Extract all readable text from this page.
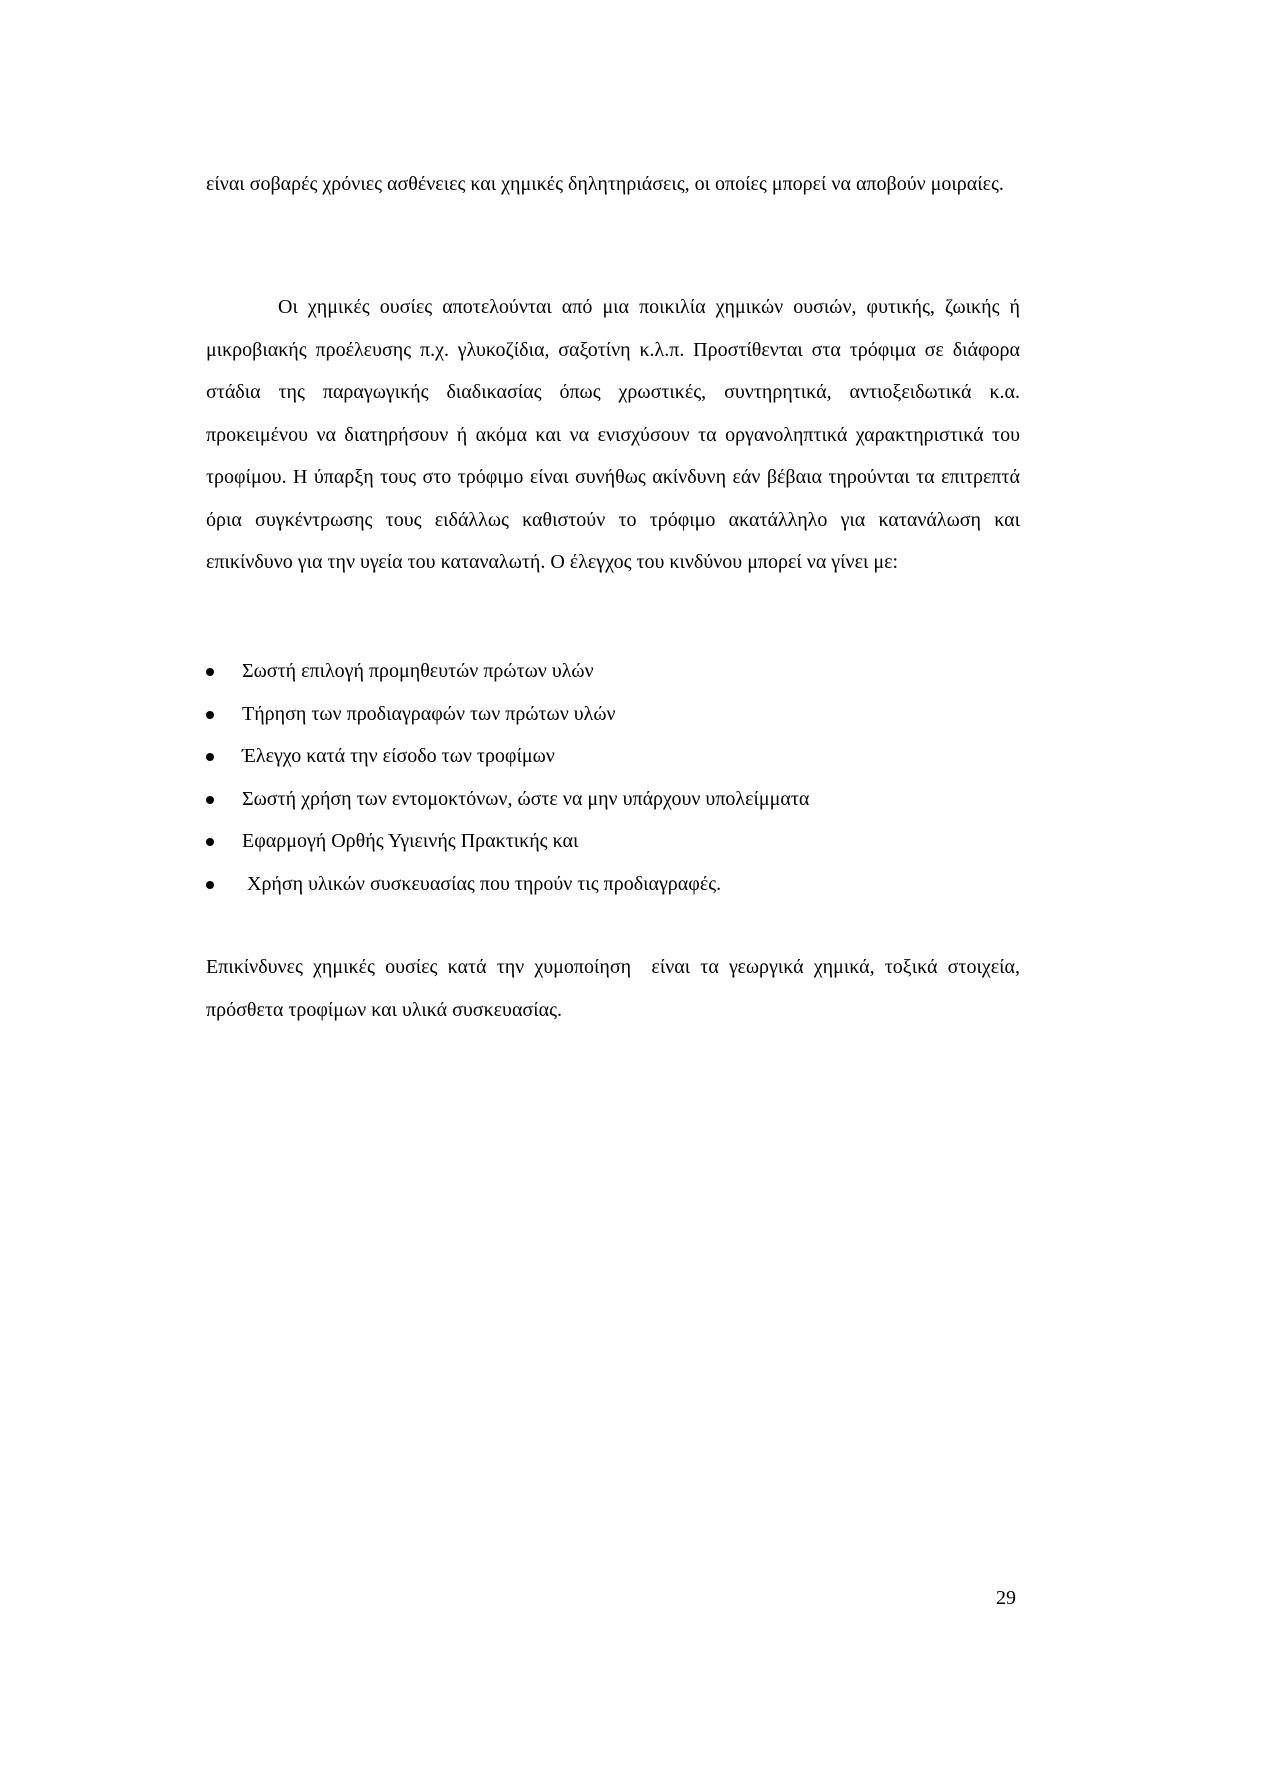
είναι σοβαρές χρόνιες ασθένειες και χημικές δηλητηριάσεις, οι οποίες μπορεί να αποβούν μοιραίες.

Οι χημικές ουσίες αποτελούνται από μια ποικιλία χημικών ουσιών, φυτικής, ζωικής ή μικροβιακής προέλευσης π.χ. γλυκοζίδια, σαξοτίνη κ.λ.π. Προστίθενται στα τρόφιμα σε διάφορα στάδια της παραγωγικής διαδικασίας όπως χρωστικές, συντηρητικά, αντιοξειδωτικά κ.α. προκειμένου να διατηρήσουν ή ακόμα και να ενισχύσουν τα οργανοληπτικά χαρακτηριστικά του τροφίμου. Η ύπαρξη τους στο τρόφιμο είναι συνήθως ακίνδυνη εάν βέβαια τηρούνται τα επιτρεπτά όρια συγκέντρωσης τους ειδάλλως καθιστούν το τρόφιμο ακατάλληλο για κατανάλωση και επικίνδυνο για την υγεία του καταναλωτή. Ο έλεγχος του κινδύνου μπορεί να γίνει με:

Σωστή επιλογή προμηθευτών πρώτων υλών
Τήρηση των προδιαγραφών των πρώτων υλών
Έλεγχο κατά την είσοδο των τροφίμων
Σωστή χρήση των εντομοκτόνων, ώστε να μην υπάρχουν υπολείμματα
Εφαρμογή Ορθής Υγιεινής Πρακτικής και
Χρήση υλικών συσκευασίας που τηρούν τις προδιαγραφές.

Επικίνδυνες χημικές ουσίες κατά την χυμοποίηση  είναι τα γεωργικά χημικά, τοξικά στοιχεία, πρόσθετα τροφίμων και υλικά συσκευασίας.

29
